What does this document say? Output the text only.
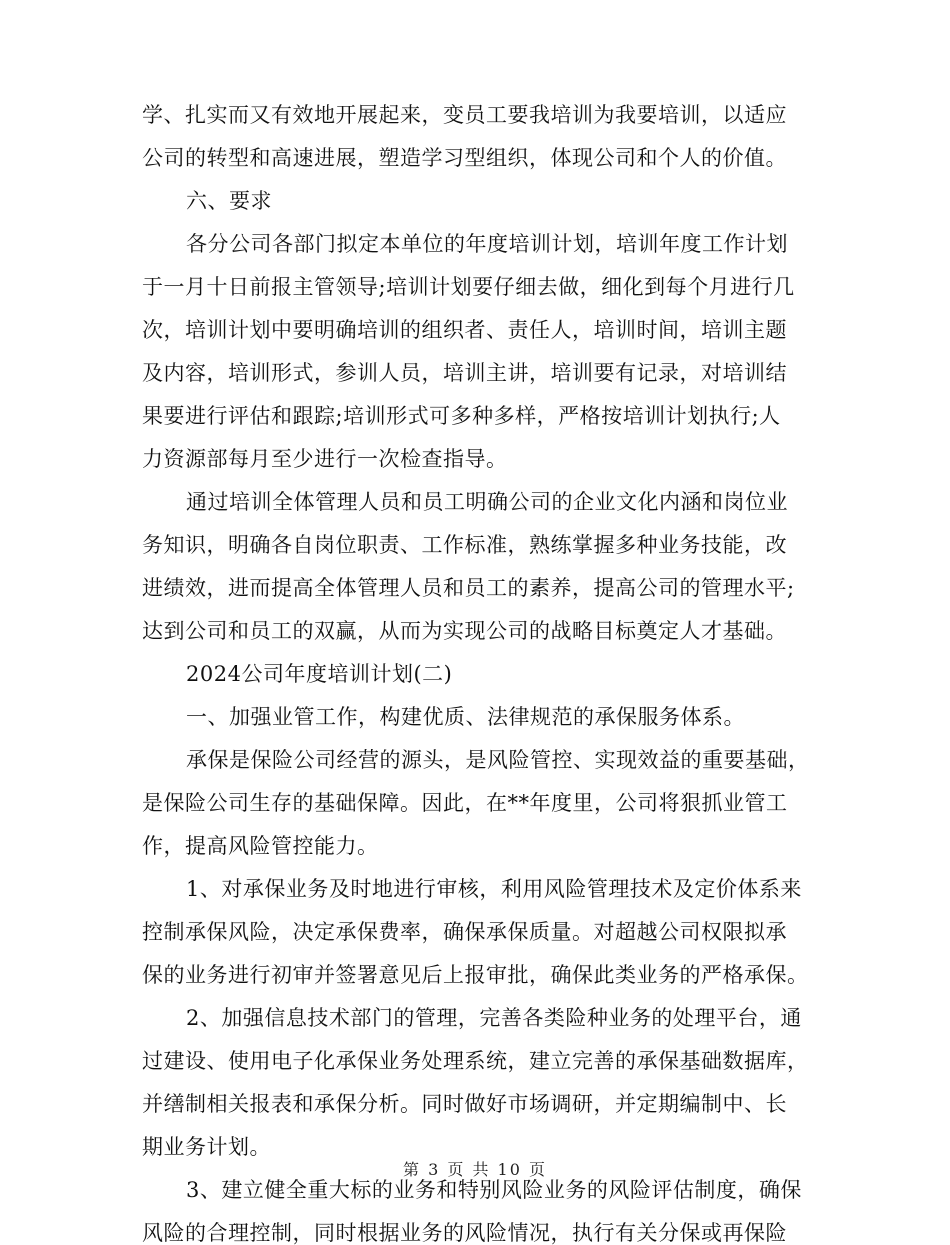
学、扎实而又有效地开展起来，变员工要我培训为我要培训，以适应
公司的转型和高速进展，塑造学习型组织，体现公司和个人的价值。
六、要求
各分公司各部门拟定本单位的年度培训计划，培训年度工作计划
于一月十日前报主管领导;培训计划要仔细去做，细化到每个月进行几
次，培训计划中要明确培训的组织者、责任人，培训时间，培训主题
及内容，培训形式，参训人员，培训主讲，培训要有记录，对培训结
果要进行评估和跟踪;培训形式可多种多样，严格按培训计划执行;人
力资源部每月至少进行一次检查指导。
通过培训全体管理人员和员工明确公司的企业文化内涵和岗位业
务知识，明确各自岗位职责、工作标准，熟练掌握多种业务技能，改
进绩效，进而提高全体管理人员和员工的素养，提高公司的管理水平;
达到公司和员工的双赢，从而为实现公司的战略目标奠定人才基础。
2024公司年度培训计划(二)
一、加强业管工作，构建优质、法律规范的承保服务体系。
承保是保险公司经营的源头，是风险管控、实现效益的重要基础，
是保险公司生存的基础保障。因此，在**年度里，公司将狠抓业管工
作，提高风险管控能力。
1、对承保业务及时地进行审核，利用风险管理技术及定价体系来
控制承保风险，决定承保费率，确保承保质量。对超越公司权限拟承
保的业务进行初审并签署意见后上报审批，确保此类业务的严格承保。
2、加强信息技术部门的管理，完善各类险种业务的处理平台，通
过建设、使用电子化承保业务处理系统，建立完善的承保基础数据库，
并缮制相关报表和承保分析。同时做好市场调研，并定期编制中、长
期业务计划。
3、建立健全重大标的业务和特别风险业务的风险评估制度，确保
风险的合理控制，同时根据业务的风险情况，执行有关分保或再保险
第 3 页 共 10 页
